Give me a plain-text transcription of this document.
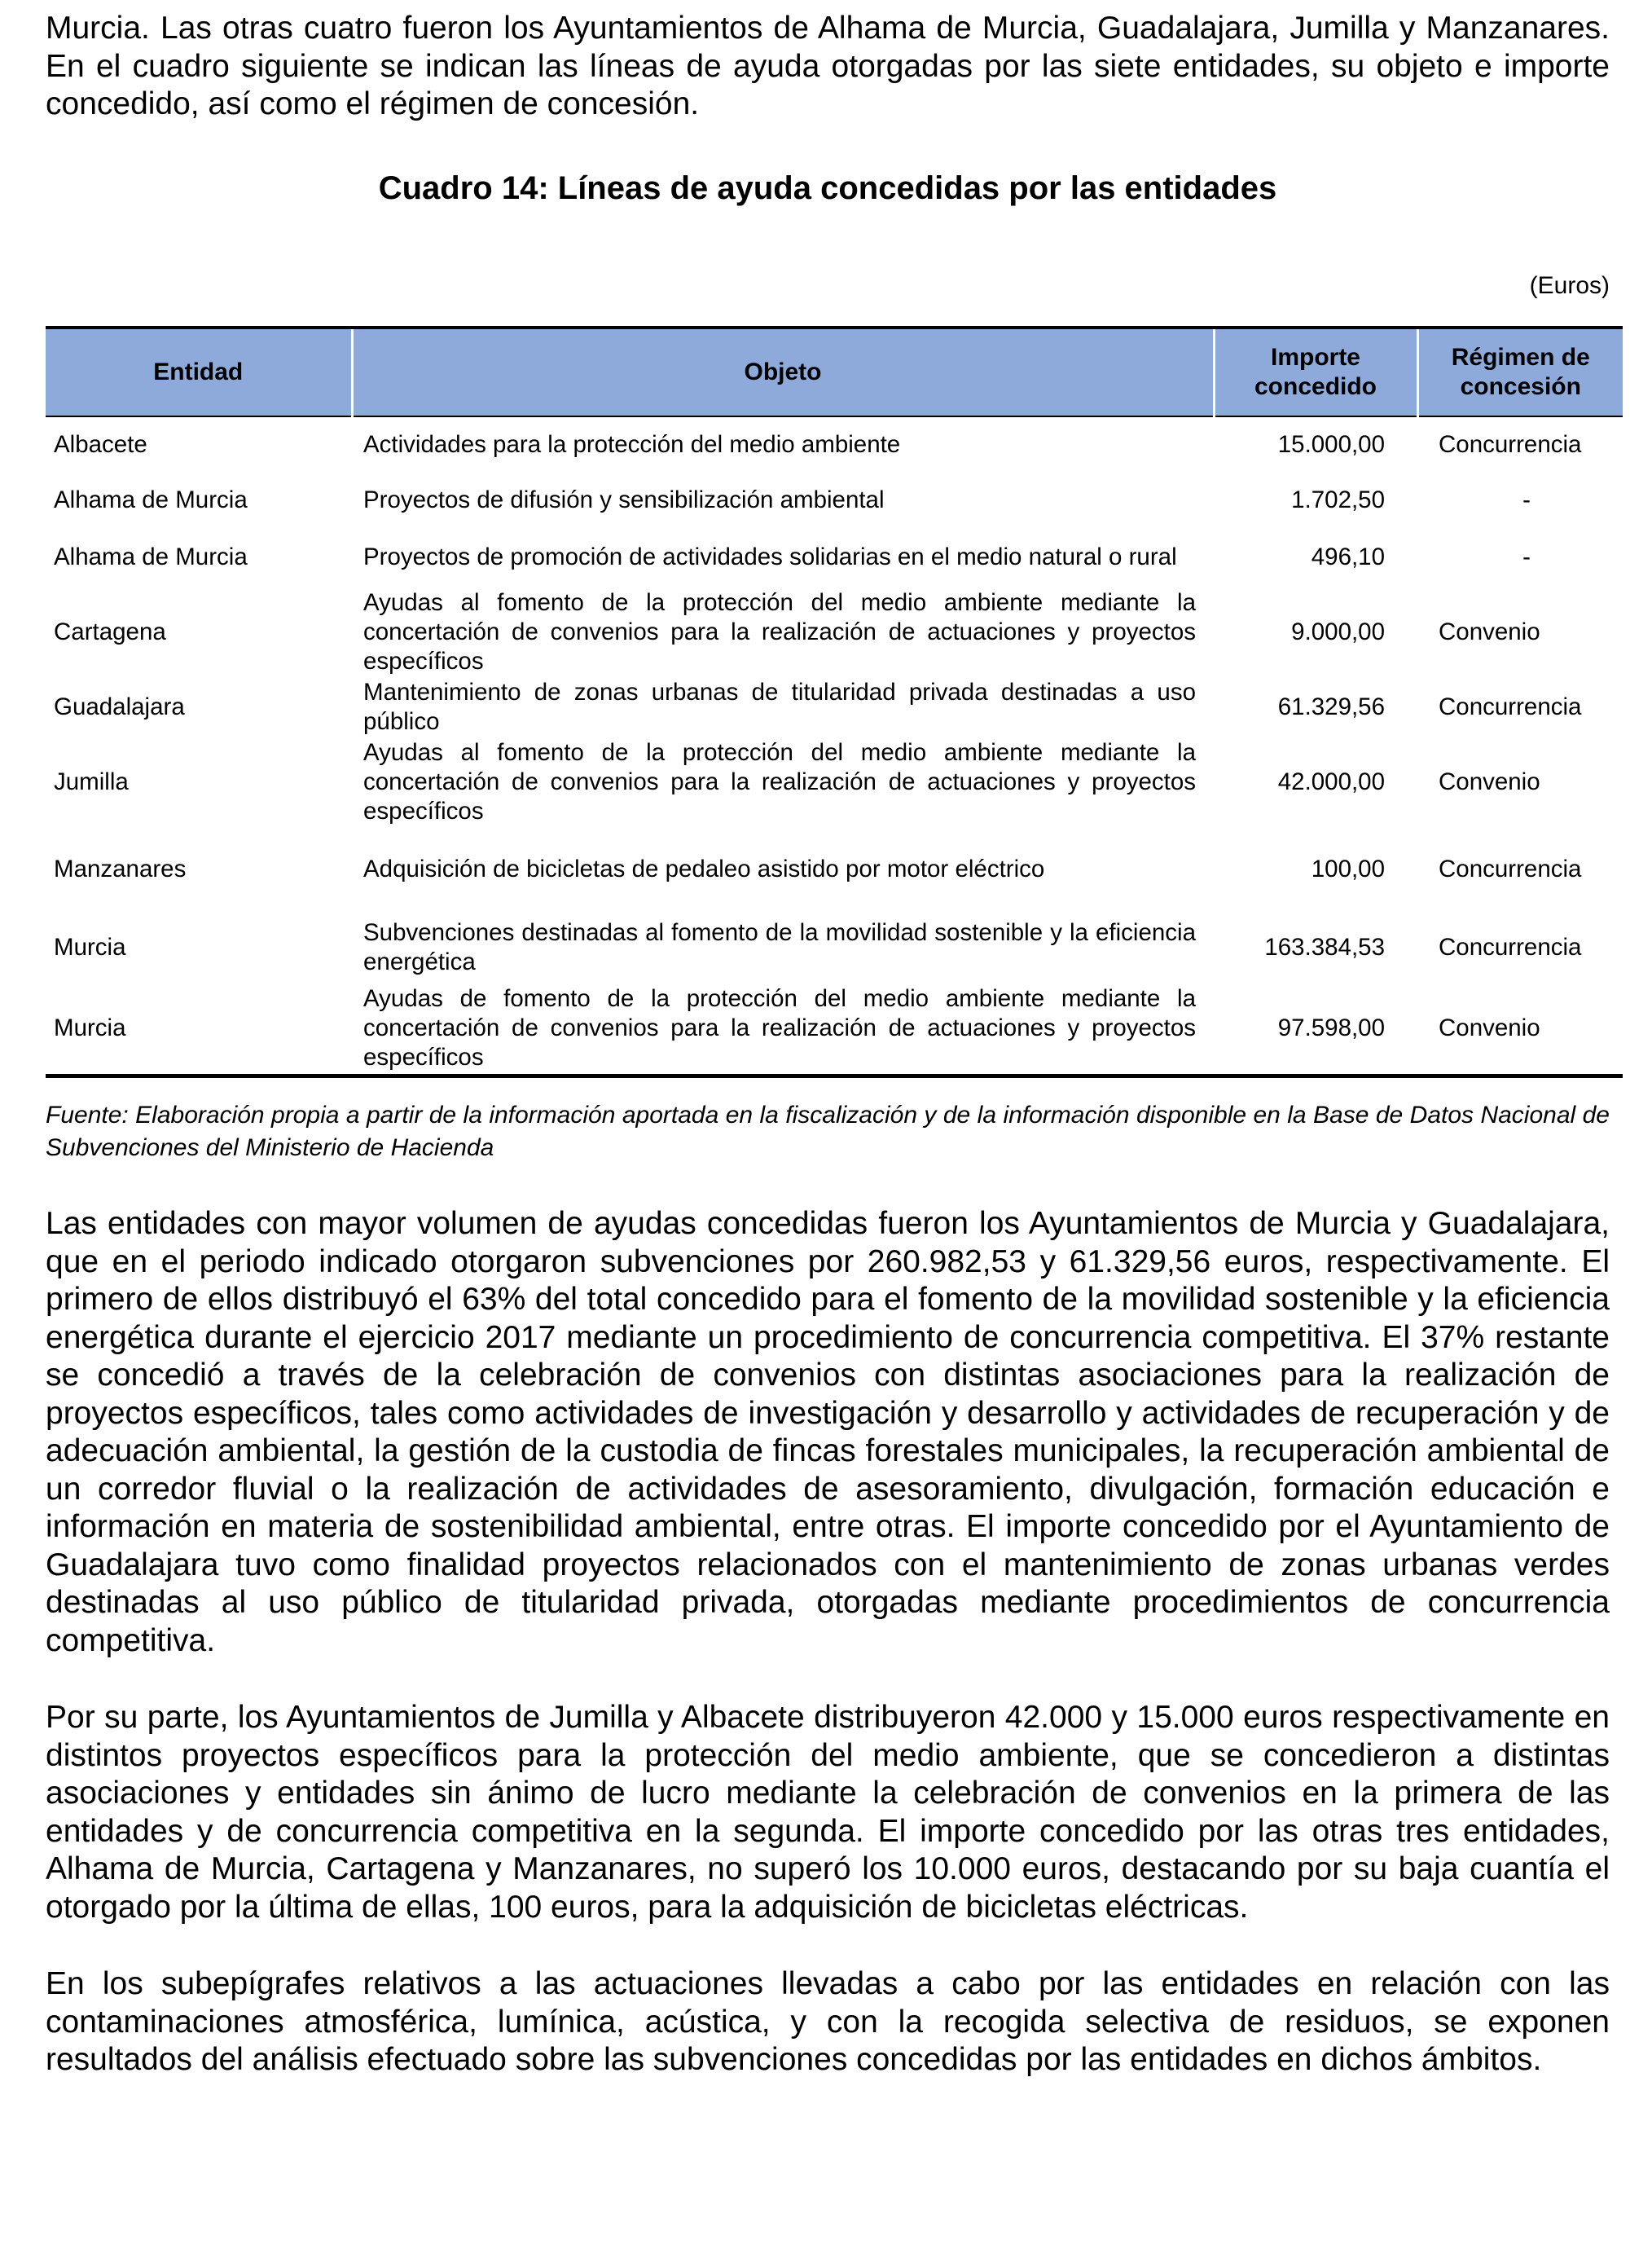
Murcia. Las otras cuatro fueron los Ayuntamientos de Alhama de Murcia, Guadalajara, Jumilla y Manzanares. En el cuadro siguiente se indican las líneas de ayuda otorgadas por las siete entidades, su objeto e importe concedido, así como el régimen de concesión.

Cuadro 14: Líneas de ayuda concedidas por las entidades
(Euros)
Entidad	Objeto	Importe concedido	Régimen de concesión
Albacete	Actividades para la protección del medio ambiente	15.000,00	Concurrencia
Alhama de Murcia	Proyectos de difusión y sensibilización ambiental	1.702,50	-
Alhama de Murcia	Proyectos de promoción de actividades solidarias en el medio natural o rural	496,10	-
Cartagena	Ayudas al fomento de la protección del medio ambiente mediante la concertación de convenios para la realización de actuaciones y proyectos específicos	9.000,00	Convenio
Guadalajara	Mantenimiento de zonas urbanas de titularidad privada destinadas a uso público	61.329,56	Concurrencia
Jumilla	Ayudas al fomento de la protección del medio ambiente mediante la concertación de convenios para la realización de actuaciones y proyectos específicos	42.000,00	Convenio
Manzanares	Adquisición de bicicletas de pedaleo asistido por motor eléctrico	100,00	Concurrencia
Murcia	Subvenciones destinadas al fomento de la movilidad sostenible y la eficiencia energética	163.384,53	Concurrencia
Murcia	Ayudas de fomento de la protección del medio ambiente mediante la concertación de convenios para la realización de actuaciones y proyectos específicos	97.598,00	Convenio

Fuente: Elaboración propia a partir de la información aportada en la fiscalización y de la información disponible en la Base de Datos Nacional de Subvenciones del Ministerio de Hacienda

Las entidades con mayor volumen de ayudas concedidas fueron los Ayuntamientos de Murcia y Guadalajara, que en el periodo indicado otorgaron subvenciones por 260.982,53 y 61.329,56 euros, respectivamente. El primero de ellos distribuyó el 63% del total concedido para el fomento de la movilidad sostenible y la eficiencia energética durante el ejercicio 2017 mediante un procedimiento de concurrencia competitiva. El 37% restante se concedió a través de la celebración de convenios con distintas asociaciones para la realización de proyectos específicos, tales como actividades de investigación y desarrollo y actividades de recuperación y de adecuación ambiental, la gestión de la custodia de fincas forestales municipales, la recuperación ambiental de un corredor fluvial o la realización de actividades de asesoramiento, divulgación, formación educación e información en materia de sostenibilidad ambiental, entre otras. El importe concedido por el Ayuntamiento de Guadalajara tuvo como finalidad proyectos relacionados con el mantenimiento de zonas urbanas verdes destinadas al uso público de titularidad privada, otorgadas mediante procedimientos de concurrencia competitiva.

Por su parte, los Ayuntamientos de Jumilla y Albacete distribuyeron 42.000 y 15.000 euros respectivamente en distintos proyectos específicos para la protección del medio ambiente, que se concedieron a distintas asociaciones y entidades sin ánimo de lucro mediante la celebración de convenios en la primera de las entidades y de concurrencia competitiva en la segunda. El importe concedido por las otras tres entidades, Alhama de Murcia, Cartagena y Manzanares, no superó los 10.000 euros, destacando por su baja cuantía el otorgado por la última de ellas, 100 euros, para la adquisición de bicicletas eléctricas.

En los subepígrafes relativos a las actuaciones llevadas a cabo por las entidades en relación con las contaminaciones atmosférica, lumínica, acústica, y con la recogida selectiva de residuos, se exponen resultados del análisis efectuado sobre las subvenciones concedidas por las entidades en dichos ámbitos.
